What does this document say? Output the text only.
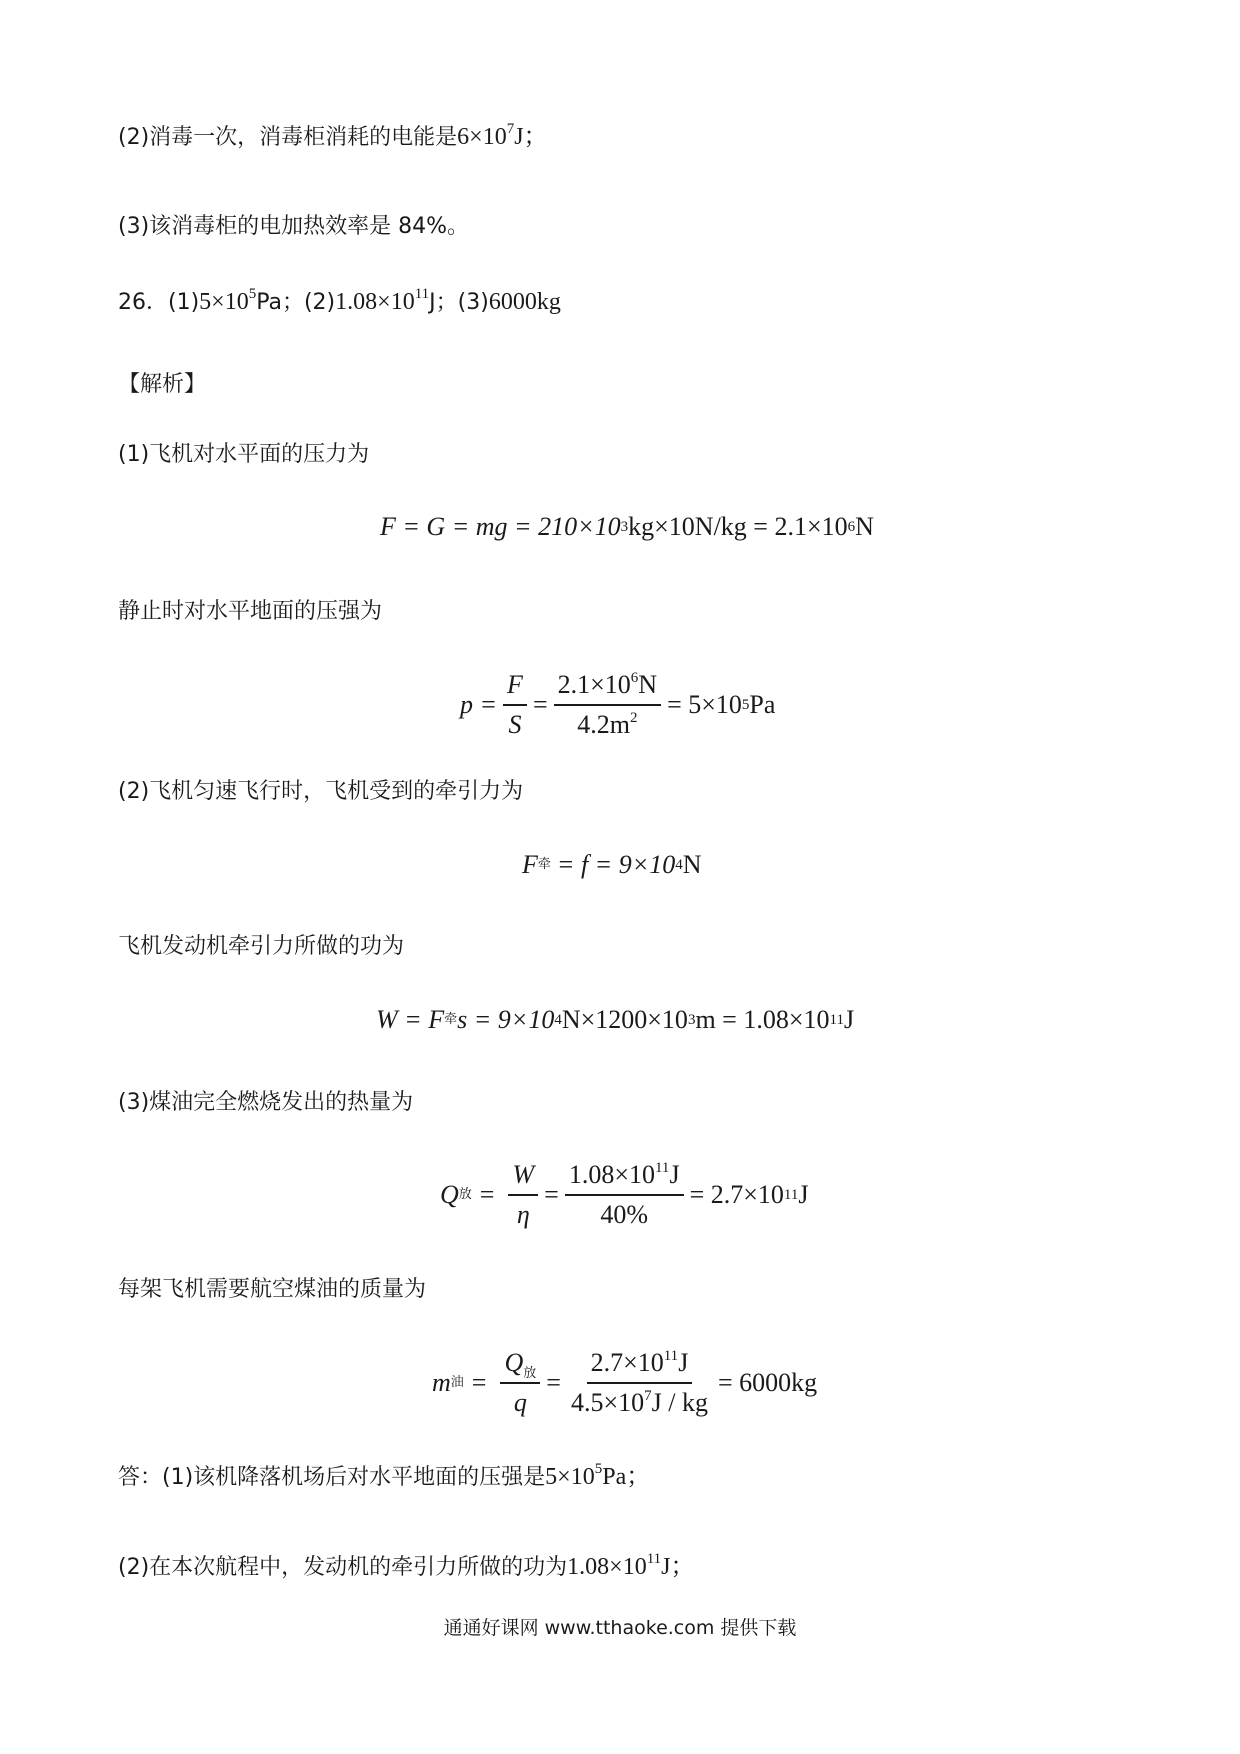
(2)消毒一次，消毒柜消耗的电能是$6\times 10^7J$；
(3)该消毒柜的电加热效率是 84%。
26．$(1)5\times 10^5Pa$；$(2)1.08\times 10^{11}J$；(3)6000kg
【解析】
(1)飞机对水平面的压力为
F = G = mg = 210×10 3 kg×10N/kg = 2.1×10 6 N
静止时对水平地面的压强为
$p = \frac{F}{S} = \frac{2.1\times 10^6N}{4.2m^2} = 5\times 10$ 5 Pa
(2)飞机匀速飞行时，飞机受到的牵引力为
F 牵 = f = 9×10 4 N
飞机发动机牵引力所做的功为
W = F 牵 s = 9×10 4 N×1200×10 3 m = 1.08×10 11 J
(3)煤油完全燃烧发出的热量为
Q 放 = $\frac{W}{\eta} = \frac{1.08\times 10^{11}J}{40\%} = 2.7\times 10$ 11 J
每架飞机需要航空煤油的质量为
m 油 = $\frac{Q_放}{q} = \frac{2.7\times 10^{11}J}{4.5\times 10^7J / kg} = 6000kg$
答：(1)该机降落机场后对水平地面的压强是$5\times 10^5Pa$；
(2)在本次航程中，发动机的牵引力所做的功为$1.08\times 10^{11}J$；
通通好课网 www.tthaoke.com 提供下载
